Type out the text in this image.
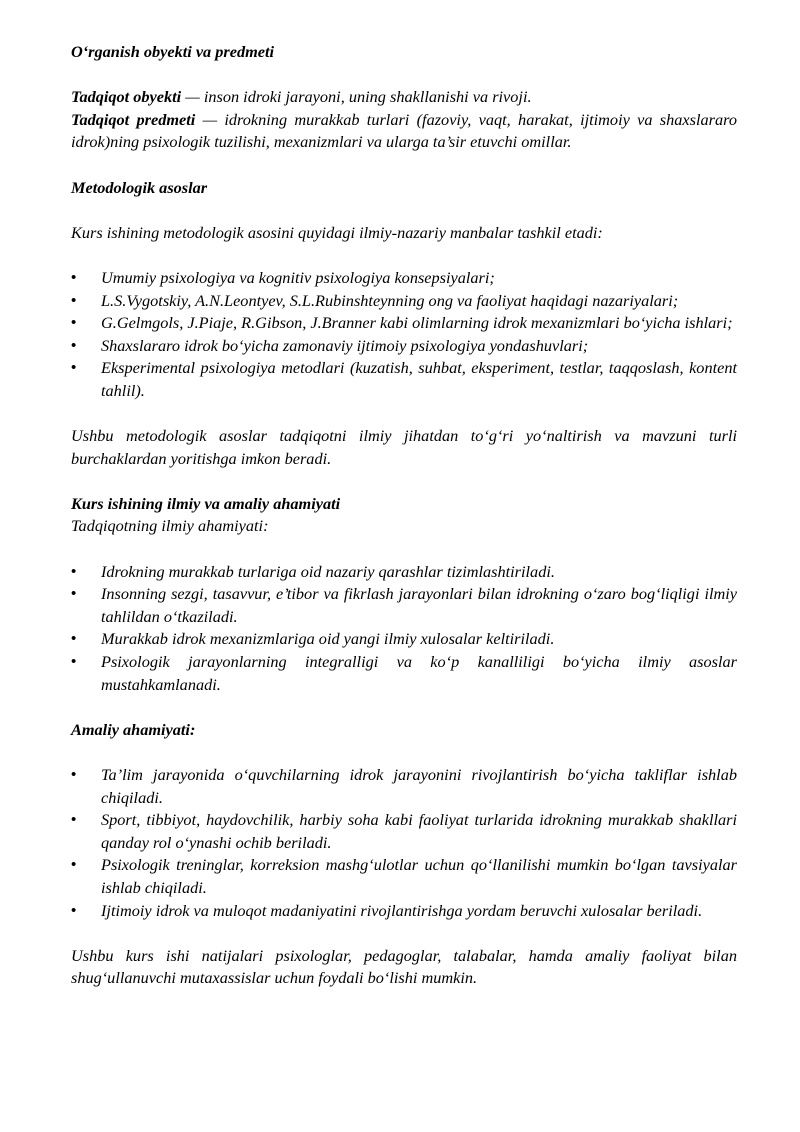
O‘rganish obyekti va predmeti

Tadqiqot obyekti — inson idroki jarayoni, uning shakllanishi va rivoji.

Tadqiqot predmeti — idrokning murakkab turlari (fazoviy, vaqt, harakat, ijtimoiy va shaxslararo idrok)ning psixologik tuzilishi, mexanizmlari va ularga ta’sir etuvchi omillar.

Metodologik asoslar

Kurs ishining metodologik asosini quyidagi ilmiy-nazariy manbalar tashkil etadi:

• Umumiy psixologiya va kognitiv psixologiya konsepsiyalari;
• L.S.Vygotskiy, A.N.Leontyev, S.L.Rubinshteynning ong va faoliyat haqidagi nazariyalari;
• G.Gelmgols, J.Piaje, R.Gibson, J.Branner kabi olimlarning idrok mexanizmlari bo‘yicha ishlari;
• Shaxslararo idrok bo‘yicha zamonaviy ijtimoiy psixologiya yondashuvlari;
• Eksperimental psixologiya metodlari (kuzatish, suhbat, eksperiment, testlar, taqqoslash, kontent tahlil).

Ushbu metodologik asoslar tadqiqotni ilmiy jihatdan to‘g‘ri yo‘naltirish va mavzuni turli burchaklardan yoritishga imkon beradi.

Kurs ishining ilmiy va amaliy ahamiyati

Tadqiqotning ilmiy ahamiyati:

• Idrokning murakkab turlariga oid nazariy qarashlar tizimlashtiriladi.
• Insonning sezgi, tasavvur, e’tibor va fikrlash jarayonlari bilan idrokning o‘zaro bog‘liqligi ilmiy tahlildan o‘tkaziladi.
• Murakkab idrok mexanizmlariga oid yangi ilmiy xulosalar keltiriladi.
• Psixologik jarayonlarning integralligi va ko‘p kanalliligi bo‘yicha ilmiy asoslar mustahkamlanadi.

Amaliy ahamiyati:

• Ta’lim jarayonida o‘quvchilarning idrok jarayonini rivojlantirish bo‘yicha takliflar ishlab chiqiladi.
• Sport, tibbiyot, haydovchilik, harbiy soha kabi faoliyat turlarida idrokning murakkab shakllari qanday rol o‘ynashi ochib beriladi.
• Psixologik treninglar, korreksion mashg‘ulotlar uchun qo‘llanilishi mumkin bo‘lgan tavsiyalar ishlab chiqiladi.
• Ijtimoiy idrok va muloqot madaniyatini rivojlantirishga yordam beruvchi xulosalar beriladi.

Ushbu kurs ishi natijalari psixologlar, pedagoglar, talabalar, hamda amaliy faoliyat bilan shug‘ullanuvchi mutaxassislar uchun foydali bo‘lishi mumkin.
